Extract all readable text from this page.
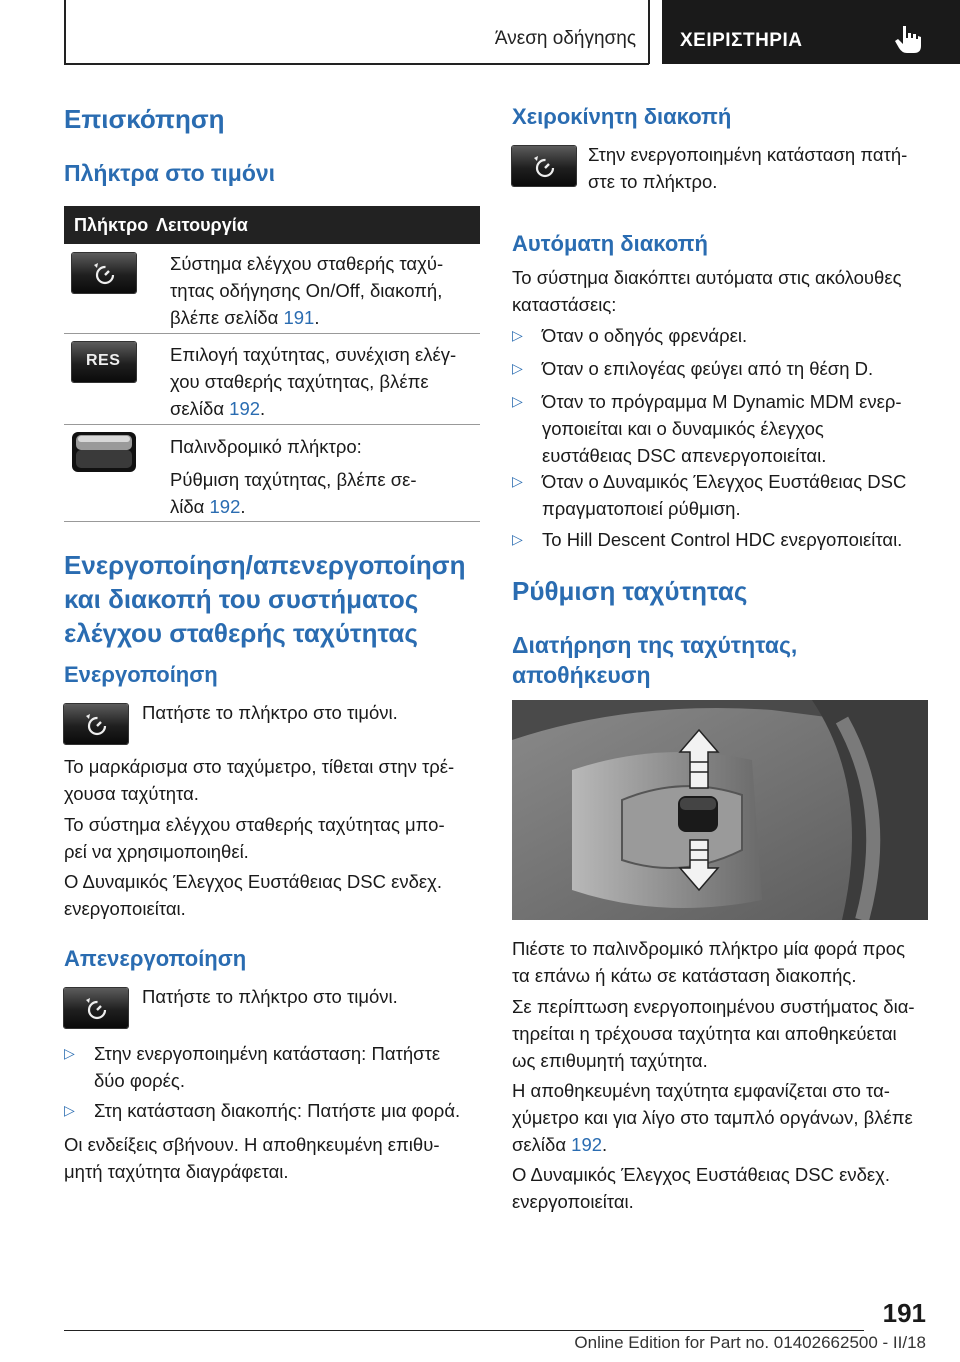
Άνεση οδήγησης ΧΕΙΡΙΣΤΗΡΙΑ
Επισκόπηση
Πλήκτρα στο τιμόνι
Πλήκτρο Λειτουργία
Σύστημα ελέγχου σταθερής ταχύ-
τητας οδήγησης On/Off, διακοπή,
βλέπε σελίδα 191.
RES	Επιλογή ταχύτητας, συνέχιση ελέγ-
χου σταθερής ταχύτητας, βλέπε
σελίδα 192.
Παλινδρομικό πλήκτρο:
Ρύθμιση ταχύτητας, βλέπε σε-
λίδα 192.
Ενεργοποίηση/απενεργοποίηση
και διακοπή του συστήματος
ελέγχου σταθερής ταχύτητας
Ενεργοποίηση
Πατήστε το πλήκτρο στο τιμόνι.
Το μαρκάρισμα στο ταχύμετρο, τίθεται στην τρέ-
χουσα ταχύτητα.
Το σύστημα ελέγχου σταθερής ταχύτητας μπο-
ρεί να χρησιμοποιηθεί.
Ο Δυναμικός Έλεγχος Ευστάθειας DSC ενδεχ.
ενεργοποιείται.
Απενεργοποίηση
Πατήστε το πλήκτρο στο τιμόνι.
▷ Στην ενεργοποιημένη κατάσταση: Πατήστε
δύο φορές.
▷ Στη κατάσταση διακοπής: Πατήστε μια φορά.
Οι ενδείξεις σβήνουν. Η αποθηκευμένη επιθυ-
μητή ταχύτητα διαγράφεται.
Χειροκίνητη διακοπή
Στην ενεργοποιημένη κατάσταση πατή-
στε το πλήκτρο.
Αυτόματη διακοπή
Το σύστημα διακόπτει αυτόματα στις ακόλουθες
καταστάσεις:
▷ Όταν ο οδηγός φρενάρει.
▷ Όταν ο επιλογέας φεύγει από τη θέση D.
▷ Όταν το πρόγραμμα M Dynamic MDM ενερ-
γοποιείται και ο δυναμικός έλεγχος
ευστάθειας DSC απενεργοποιείται.
▷ Όταν ο Δυναμικός Έλεγχος Ευστάθειας DSC
πραγματοποιεί ρύθμιση.
▷ Το Hill Descent Control HDC ενεργοποιείται.
Ρύθμιση ταχύτητας
Διατήρηση της ταχύτητας,
αποθήκευση
Πιέστε το παλινδρομικό πλήκτρο μία φορά προς
τα επάνω ή κάτω σε κατάσταση διακοπής.
Σε περίπτωση ενεργοποιημένου συστήματος δια-
τηρείται η τρέχουσα ταχύτητα και αποθηκεύεται
ως επιθυμητή ταχύτητα.
Η αποθηκευμένη ταχύτητα εμφανίζεται στο τα-
χύμετρο και για λίγο στο ταμπλό οργάνων, βλέπε
σελίδα 192.
Ο Δυναμικός Έλεγχος Ευστάθειας DSC ενδεχ.
ενεργοποιείται.
191
Online Edition for Part no. 01402662500 - II/18
